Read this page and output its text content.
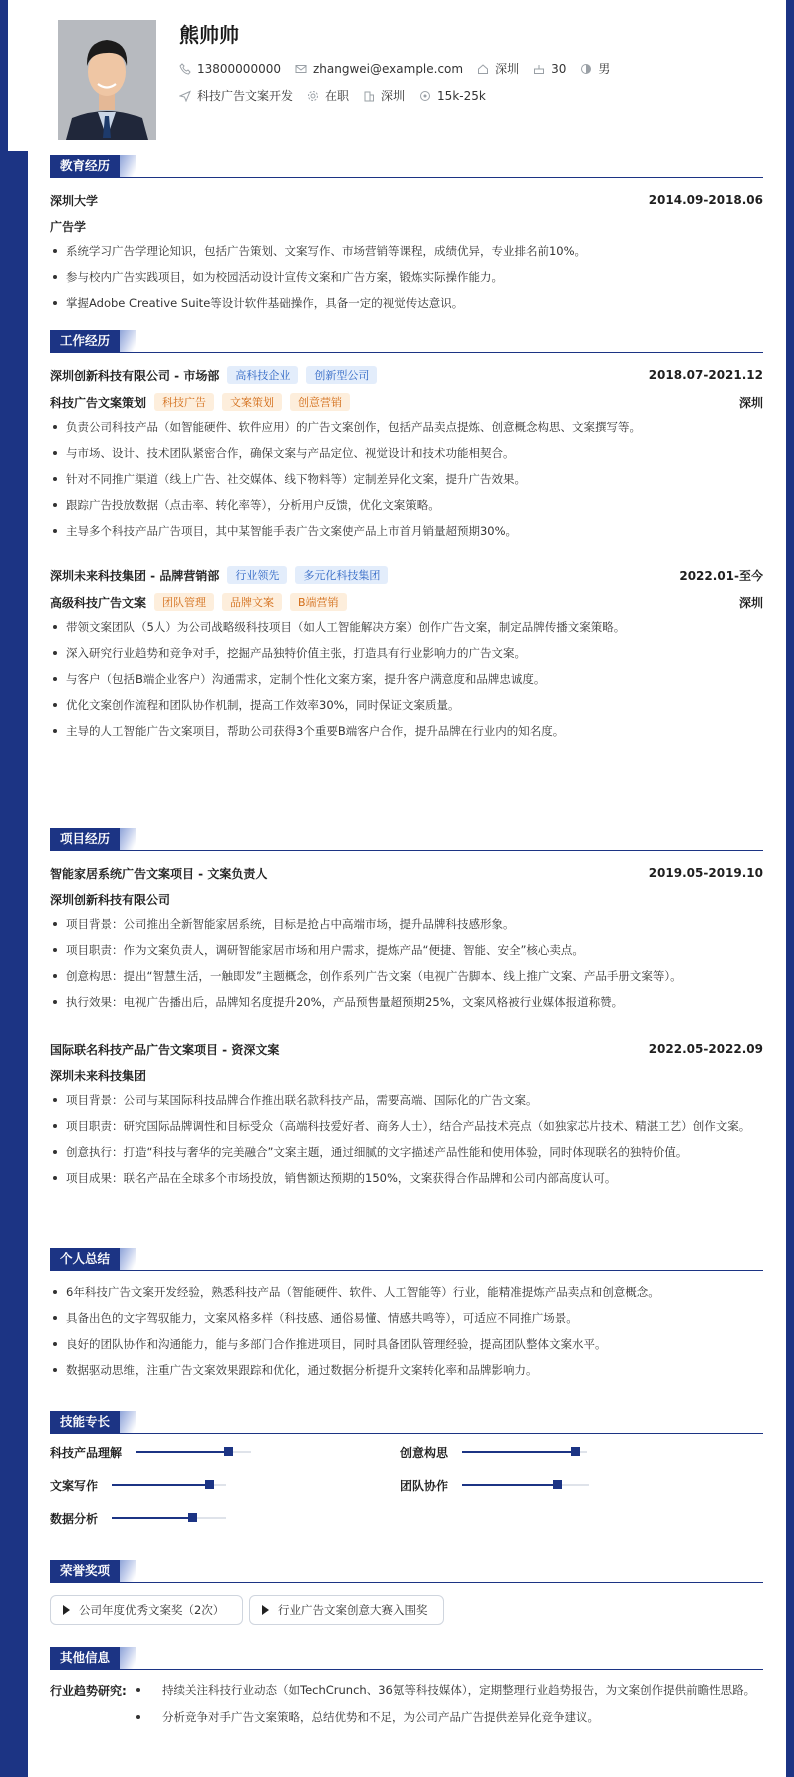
熊帅帅
13800000000	zhangwei@example.com	深圳	30	男
科技广告文案开发	在职	深圳	15k-25k
教育经历
深圳大学	2014.09-2018.06
广告学
系统学习广告学理论知识，包括广告策划、文案写作、市场营销等课程，成绩优异，专业排名前10%。
参与校内广告实践项目，如为校园活动设计宣传文案和广告方案，锻炼实际操作能力。
掌握Adobe Creative Suite等设计软件基础操作，具备一定的视觉传达意识。
工作经历
深圳创新科技有限公司 - 市场部	高科技企业	创新型公司	2018.07-2021.12
科技广告文案策划	科技广告	文案策划	创意营销	深圳
负责公司科技产品（如智能硬件、软件应用）的广告文案创作，包括产品卖点提炼、创意概念构思、文案撰写等。
与市场、设计、技术团队紧密合作，确保文案与产品定位、视觉设计和技术功能相契合。
针对不同推广渠道（线上广告、社交媒体、线下物料等）定制差异化文案，提升广告效果。
跟踪广告投放数据（点击率、转化率等），分析用户反馈，优化文案策略。
主导多个科技产品广告项目，其中某智能手表广告文案使产品上市首月销量超预期30%。
深圳未来科技集团 - 品牌营销部	行业领先	多元化科技集团	2022.01-至今
高级科技广告文案	团队管理	品牌文案	B端营销	深圳
带领文案团队（5人）为公司战略级科技项目（如人工智能解决方案）创作广告文案，制定品牌传播文案策略。
深入研究行业趋势和竞争对手，挖掘产品独特价值主张，打造具有行业影响力的广告文案。
与客户（包括B端企业客户）沟通需求，定制个性化文案方案，提升客户满意度和品牌忠诚度。
优化文案创作流程和团队协作机制，提高工作效率30%，同时保证文案质量。
主导的人工智能广告文案项目，帮助公司获得3个重要B端客户合作，提升品牌在行业内的知名度。
项目经历
智能家居系统广告文案项目 - 文案负责人	2019.05-2019.10
深圳创新科技有限公司
项目背景：公司推出全新智能家居系统，目标是抢占中高端市场，提升品牌科技感形象。
项目职责：作为文案负责人，调研智能家居市场和用户需求，提炼产品“便捷、智能、安全”核心卖点。
创意构思：提出“智慧生活，一触即发”主题概念，创作系列广告文案（电视广告脚本、线上推广文案、产品手册文案等）。
执行效果：电视广告播出后，品牌知名度提升20%，产品预售量超预期25%，文案风格被行业媒体报道称赞。
国际联名科技产品广告文案项目 - 资深文案	2022.05-2022.09
深圳未来科技集团
项目背景：公司与某国际科技品牌合作推出联名款科技产品，需要高端、国际化的广告文案。
项目职责：研究国际品牌调性和目标受众（高端科技爱好者、商务人士），结合产品技术亮点（如独家芯片技术、精湛工艺）创作文案。
创意执行：打造“科技与奢华的完美融合”文案主题，通过细腻的文字描述产品性能和使用体验，同时体现联名的独特价值。
项目成果：联名产品在全球多个市场投放，销售额达预期的150%，文案获得合作品牌和公司内部高度认可。
个人总结
6年科技广告文案开发经验，熟悉科技产品（智能硬件、软件、人工智能等）行业，能精准提炼产品卖点和创意概念。
具备出色的文字驾驭能力，文案风格多样（科技感、通俗易懂、情感共鸣等），可适应不同推广场景。
良好的团队协作和沟通能力，能与多部门合作推进项目，同时具备团队管理经验，提高团队整体文案水平。
数据驱动思维，注重广告文案效果跟踪和优化，通过数据分析提升文案转化率和品牌影响力。
技能专长
科技产品理解	创意构思
文案写作	团队协作
数据分析
荣誉奖项
公司年度优秀文案奖（2次）	行业广告文案创意大赛入围奖
其他信息
行业趋势研究:	持续关注科技行业动态（如TechCrunch、36氪等科技媒体），定期整理行业趋势报告，为文案创作提供前瞻性思路。
分析竞争对手广告文案策略，总结优势和不足，为公司产品广告提供差异化竞争建议。
